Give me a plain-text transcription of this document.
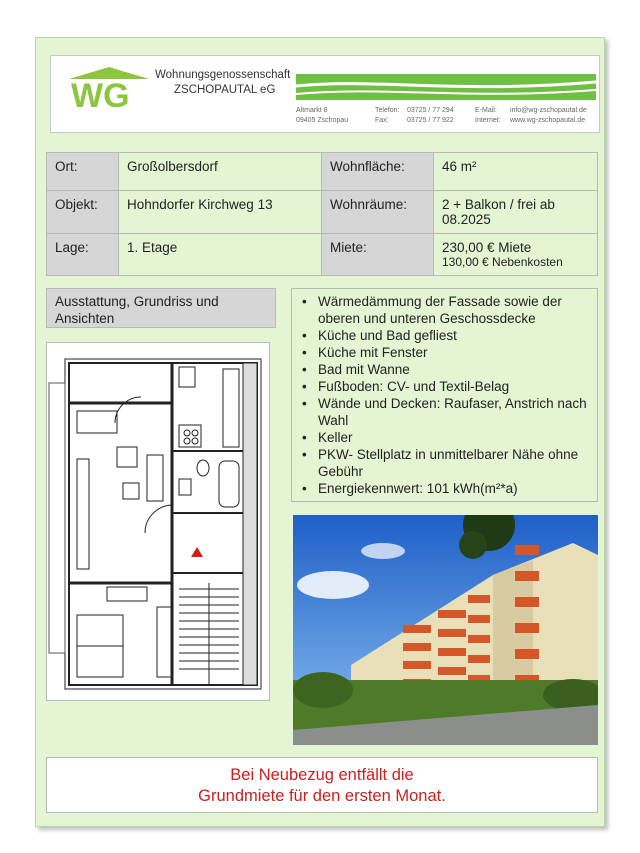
WG
Wohnungsgenossenschaft
ZSCHOPAUTAL eG
Altmarkt 8
09405 Zschopau
Telefon:
Fax:
03725 / 77 294
03725 / 77 922
E-Mail:
Internet:
info@wg-zschopautal.de
www.wg-zschopautal.de
Ort:	Großolbersdorf	Wohnfläche:	46 m²
Objekt:	Hohndorfer Kirchweg 13	Wohnräume:	2 + Balkon / frei ab 08.2025
Lage:	1. Etage	Miete:	230,00 € Miete
130,00 € Nebenkosten
Ausstattung, Grundriss und Ansichten
• Wärmedämmung der Fassade sowie der oberen und unteren Geschossdecke
• Küche und Bad gefliest
• Küche mit Fenster
• Bad mit Wanne
• Fußboden: CV- und Textil-Belag
• Wände und Decken: Raufaser, Anstrich nach Wahl
• Keller
• PKW- Stellplatz in unmittelbarer Nähe ohne Gebühr
• Energiekennwert: 101 kWh(m²*a)
Bei Neubezug entfällt die
Grundmiete für den ersten Monat.
